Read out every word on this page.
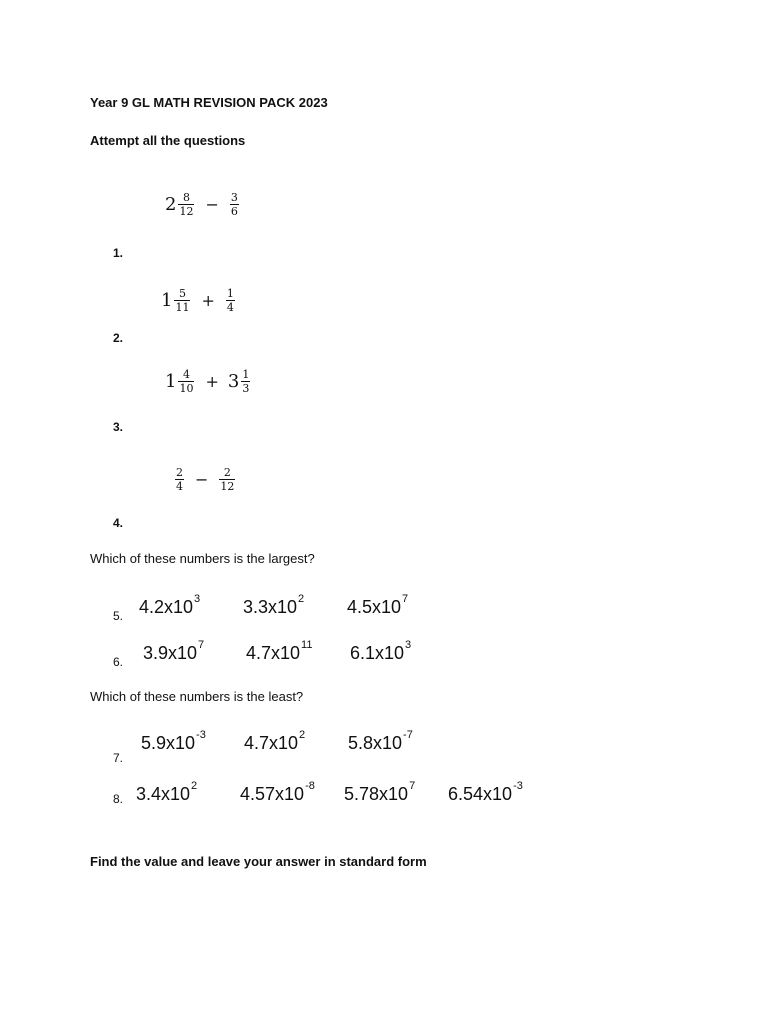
Year 9 GL MATH REVISION PACK 2023
Attempt all the questions
$2 \frac{8}{12} - \frac{3}{6}$
1.
$1 \frac{5}{11} + \frac{1}{4}$
2.
$1 \frac{4}{10} + 3 \frac{1}{3}$
3.
$\frac{2}{4} - \frac{2}{12}$
4.
Which of these numbers is the largest?
5. $4.2x10^3$	$3.3x10^2$	$4.5x10^7$
6. $3.9x10^7$	$4.7x10^{11}$	$6.1x10^3$
Which of these numbers is the least?
7.
$5.9x10^{-3}$	$4.7x10^2$	$5.8x10^{-7}$
8. $3.4x10^2$	$4.57x10^{-8}$	$5.78x10^7$	$6.54x10^{-3}$
Find the value and leave your answer in standard form
